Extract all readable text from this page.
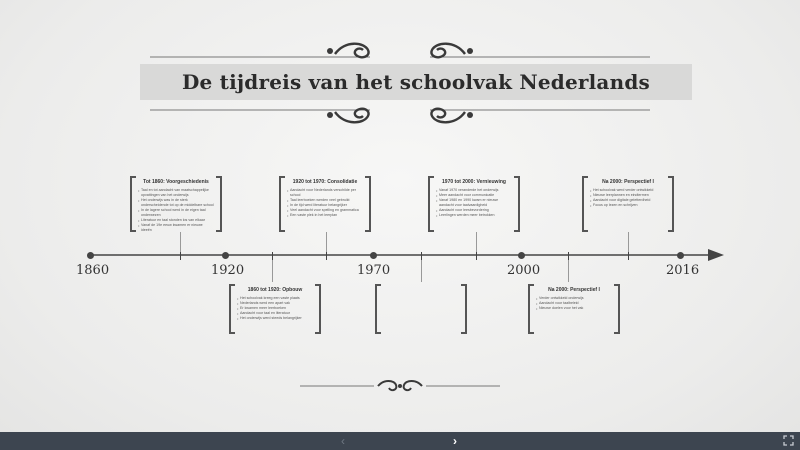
De tijdreis van het schoolvak Nederlands
Tot 1860: Voorgeschiedenis
• Taal en tot aandacht van maatschappelijke opvattingen van het onderwijs
• Het onderwijs was in de sterk onderscheidende tot op de middelbare school
• In de lagere school werd in de eigen taal onderwezen
• Literatuur en taal stonden los van elkaar
• Vanaf de 19e eeuw kwamen er nieuwe ideeën
1920 tot 1970: Consolidatie
• Aandacht voor Nederlands verschilde per school
• Taal leerboeken werden veel gebruikt
• In de tijd werd literatuur belangrijker
• Veel aandacht voor spelling en grammatica
• Een vaste plek in het leerplan
1970 tot 2000: Vernieuwing
• Vanaf 1970 veranderde het onderwijs
• Meer aandacht voor communicatie
• Vanaf 1980 en 1990 kwam er nieuwe aandacht voor taalvaardigheid
• Aandacht voor leesbevordering
• Leerlingen werden meer betrokken
Na 2000: Perspectief I
• Het schoolvak werd verder ontwikkeld
• Nieuwe leerplannen en eindtermen
• Aandacht voor digitale geletterdheid
• Focus op lezen en schrijven
1860	1920	1970	2000	2016
1860 tot 1920: Opbouw
• Het schoolvak kreeg een vaste plaats
• Nederlands werd een apart vak
• Er kwamen meer leerboeken
• Aandacht voor taal en literatuur
• Het onderwijs werd steeds belangrijker
Na 2000: Perspectief I
• Verder ontwikkeld onderwijs
• Aandacht voor taalbeleid
• Nieuwe doelen voor het vak
‹	›
